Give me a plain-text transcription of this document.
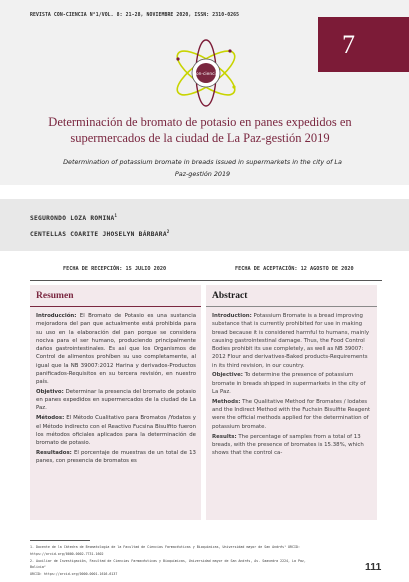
REVISTA CON-CIENCIA N°1/VOL. 8: 21-28, NOVIEMBRE 2020, ISSN: 2310-0265
con-ciencia
Determinación de bromato de potasio en panes expedidos en
supermercados de la ciudad de La Paz-gestión 2019
Determination of potassium bromate in breads issued in supermarkets in the city of La
Paz-gestión 2019
7
SEGURONDO LOZA ROMINA$^1$
CENTELLAS COARITE JHOSELYN BÁRBARA$^2$
FECHA DE RECEPCIÓN: 15 JULIO 2020	FECHA DE ACEPTACIÓN: 12 AGOSTO DE 2020
Resumen

Introducción: El Bromato de Potasio es una sustancia mejoradora del pan que actualmente está prohibida para su uso en la elaboración del pan porque se considera nociva para el ser humano, produciendo principalmente daños gastrointestinales. Es así que los Organismos de Control de alimentos prohíben su uso completamente, al igual que la NB 39007:2012 Harina y derivados-Productos panificados-Requisitos en su tercera revisión, en nuestro país.

Objetivo: Determinar la presencia del bromato de potasio en panes expedidos en supermercados de la ciudad de La Paz.

Métodos: El Método Cualitativo para Bromatos /Yodatos y el Método indirecto con el Reactivo Fucsina Bisulfito fueron los métodos oficiales aplicados para la determinación de bromato de potasio.

Resultados: El porcentaje de muestras de un total de 13 panes, con presencia de bromatos es

Abstract

Introduction: Potassium Bromate is a bread improving substance that is currently prohibited for use in making bread because it is considered harmful to humans, mainly causing gastrointestinal damage. Thus, the Food Control Bodies prohibit its use completely, as well as NB 39007: 2012 Flour and derivatives-Baked products-Requirements in its third revision, in our country.

Objective: To determine the presence of potassium bromate in breads shipped in supermarkets in the city of La Paz.

Methods: The Qualitative Method for Bromates / Iodates and the Indirect Method with the Fuchsin Bisulfite Reagent were the official methods applied for the determination of potassium bromate.

Results: The percentage of samples from a total of 13 breads, with the presence of bromates is 15.38%, which shows that the control ca-

1. Docente de la Cátedra de Bromatología de la Facultad de Ciencias Farmacéuticas y Bioquímicas, Universidad mayor de San Andrés¹ ORCID:
https://orcid.org/0000-0002-7731-1602
2. Auxiliar de Investigación, Facultad de Ciencias Farmacéuticas y Bioquímicas, Universidad mayor de San Andrés, Av. Saavedra 2224, La Paz,
Bolivia²
ORCID: https://orcid.org/0000-0001-1616-6137
111
